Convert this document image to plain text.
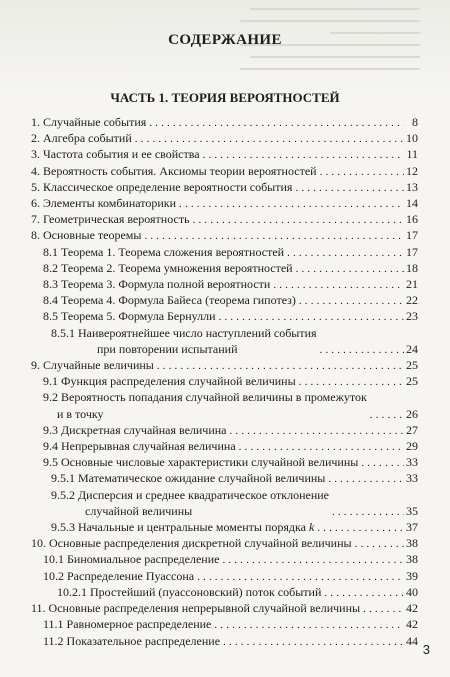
СОДЕРЖАНИЕ
ЧАСТЬ 1. ТЕОРИЯ ВЕРОЯТНОСТЕЙ
1. Случайные события . . .	8
2. Алгебра событий . . .	10
3. Частота события и ее свойства . . .	11
4. Вероятность события. Аксиомы теории вероятностей . . .	12
5. Классическое определение вероятности события . . .	13
6. Элементы комбинаторики . . .	14
7. Геометрическая вероятность . . .	16
8. Основные теоремы . . .	17
8.1 Теорема 1. Теорема сложения вероятностей . . .	17
8.2 Теорема 2. Теорема умножения вероятностей . . .	18
8.3 Теорема 3. Формула полной вероятности . . .	21
8.4 Теорема 4. Формула Байеса (теорема гипотез) . . .	22
8.5 Теорема 5. Формула Бернулли . . .	23
8.5.1 Наивероятнейшее число наступлений события
при повторении испытаний . . .	24
9. Случайные величины . . .	25
9.1 Функция распределения случайной величины . . .	25
9.2 Вероятность попадания случайной величины в промежуток
и в точку . . .	26
9.3 Дискретная случайная величина . . .	27
9.4 Непрерывная случайная величина . . .	29
9.5 Основные числовые характеристики случайной величины . . .	33
9.5.1 Математическое ожидание случайной величины . . .	33
9.5.2 Дисперсия и среднее квадратическое отклонение
случайной величины . . .	35
9.5.3 Начальные и центральные моменты порядка k . . .	37
10. Основные распределения дискретной случайной величины . . .	38
10.1 Биномиальное распределение . . .	38
10.2 Распределение Пуассона . . .	39
10.2.1 Простейший (пуассоновский) поток событий . . .	40
11. Основные распределения непрерывной случайной величины . . .	42
11.1 Равномерное распределение . . .	42
11.2 Показательное распределение . . .	44
3
